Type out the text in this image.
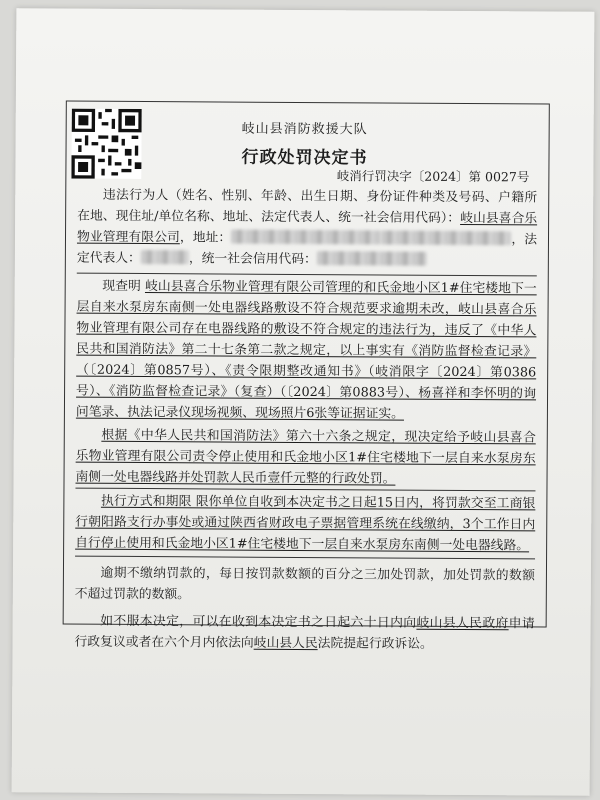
岐山县消防救援大队
行政处罚决定书
岐消行罚决字〔2024〕第 0027号

违法行为人（姓名、性别、年龄、出生日期、身份证件种类及号码、户籍所在地、现住址/单位名称、地址、法定代表人、统一社会信用代码）：岐山县喜合乐物业管理有限公司，地址：	，法定代表人：	，统一社会信用代码：

现查明 岐山县喜合乐物业管理有限公司管理的和氏金地小区1#住宅楼地下一层自来水泵房东南侧一处电器线路敷设不符合规范要求逾期未改，岐山县喜合乐物业管理有限公司存在电器线路的敷设不符合规定的违法行为，违反了《中华人民共和国消防法》第二十七条第二款之规定，以上事实有《消防监督检查记录》（〔2024〕第0857号）、《责令限期整改通知书》（岐消限字〔2024〕第0386号）、《消防监督检查记录》（复查）（〔2024〕第0883号）、杨喜祥和李怀明的询问笔录、执法记录仪现场视频、现场照片6张等证据证实。

根据《中华人民共和国消防法》第六十六条之规定，现决定给予岐山县喜合乐物业管理有限公司责令停止使用和氏金地小区1#住宅楼地下一层自来水泵房东南侧一处电器线路并处罚款人民币壹仟元整的行政处罚。

执行方式和期限 限你单位自收到本决定书之日起15日内，将罚款交至工商银行朝阳路支行办事处或通过陕西省财政电子票据管理系统在线缴纳，3个工作日内自行停止使用和氏金地小区1#住宅楼地下一层自来水泵房东南侧一处电器线路。

逾期不缴纳罚款的，每日按罚款数额的百分之三加处罚款，加处罚款的数额不超过罚款的数额。

如不服本决定，可以在收到本决定书之日起六十日内向岐山县人民政府申请行政复议或者在六个月内依法向岐山县人民法院提起行政诉讼。
